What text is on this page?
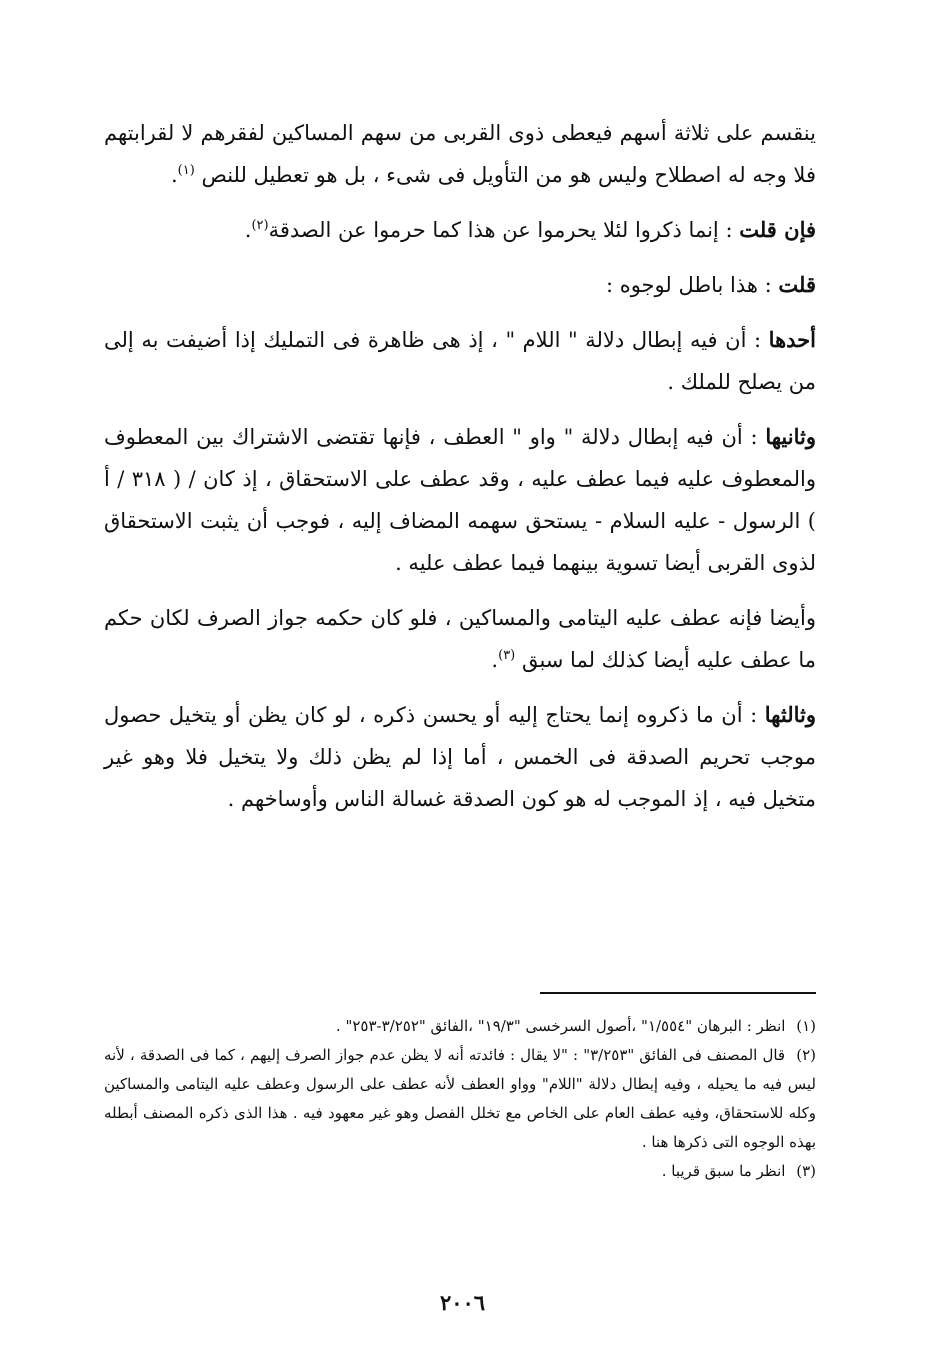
ينقسم على ثلاثة أسهم فيعطى ذوى القربى من سهم المساكين لفقرهم لا لقرابتهم فلا وجه له اصطلاح وليس هو من التأويل فى شىء ، بل هو تعطيل للنص $^{(١)}$.

فإن قلت : إنما ذكروا لئلا يحرموا عن هذا كما حرموا عن الصدقة$^{(٢)}$.

قلت : هذا باطل لوجوه :

أحدها : أن فيه إبطال دلالة " اللام " ، إذ هى ظاهرة فى التمليك إذا أضيفت به إلى من يصلح للملك .

وثانيها : أن فيه إبطال دلالة " واو " العطف ، فإنها تقتضى الاشتراك بين المعطوف والمعطوف عليه فيما عطف عليه ، وقد عطف على الاستحقاق ، إذ كان / ( ٣١٨ / أ ) الرسول - عليه السلام - يستحق سهمه المضاف إليه ، فوجب أن يثبت الاستحقاق لذوى القربى أيضا تسوية بينهما فيما عطف عليه .

وأيضا فإنه عطف عليه اليتامى والمساكين ، فلو كان حكمه جواز الصرف لكان حكم ما عطف عليه أيضا كذلك لما سبق $^{(٣)}$.

وثالثها : أن ما ذكروه إنما يحتاج إليه أو يحسن ذكره ، لو كان يظن أو يتخيل حصول موجب تحريم الصدقة فى الخمس ، أما إذا لم يظن ذلك ولا يتخيل فلا وهو غير متخيل فيه ، إذ الموجب له هو كون الصدقة غسالة الناس وأوساخهم .

(١) انظر : البرهان "١/٥٥٤" ،أصول السرخسى "١٩/٣" ،الفائق "٣/٢٥٢-٢٥٣" .

(٢) قال المصنف فى الفائق "٣/٢٥٣" : "لا يقال : فائدته أنه لا يظن عدم جواز الصرف إليهم ، كما فى الصدقة ، لأنه ليس فيه ما يحيله ، وفيه إبطال دلالة "اللام" وواو العطف لأنه عطف على الرسول وعطف عليه اليتامى والمساكين وكله للاستحقاق، وفيه عطف العام على الخاص مع تخلل الفصل وهو غير معهود فيه . هذا الذى ذكره المصنف أبطله بهذه الوجوه التى ذكرها هنا .

(٣) انظر ما سبق قريبا .

٢٠٠٦
